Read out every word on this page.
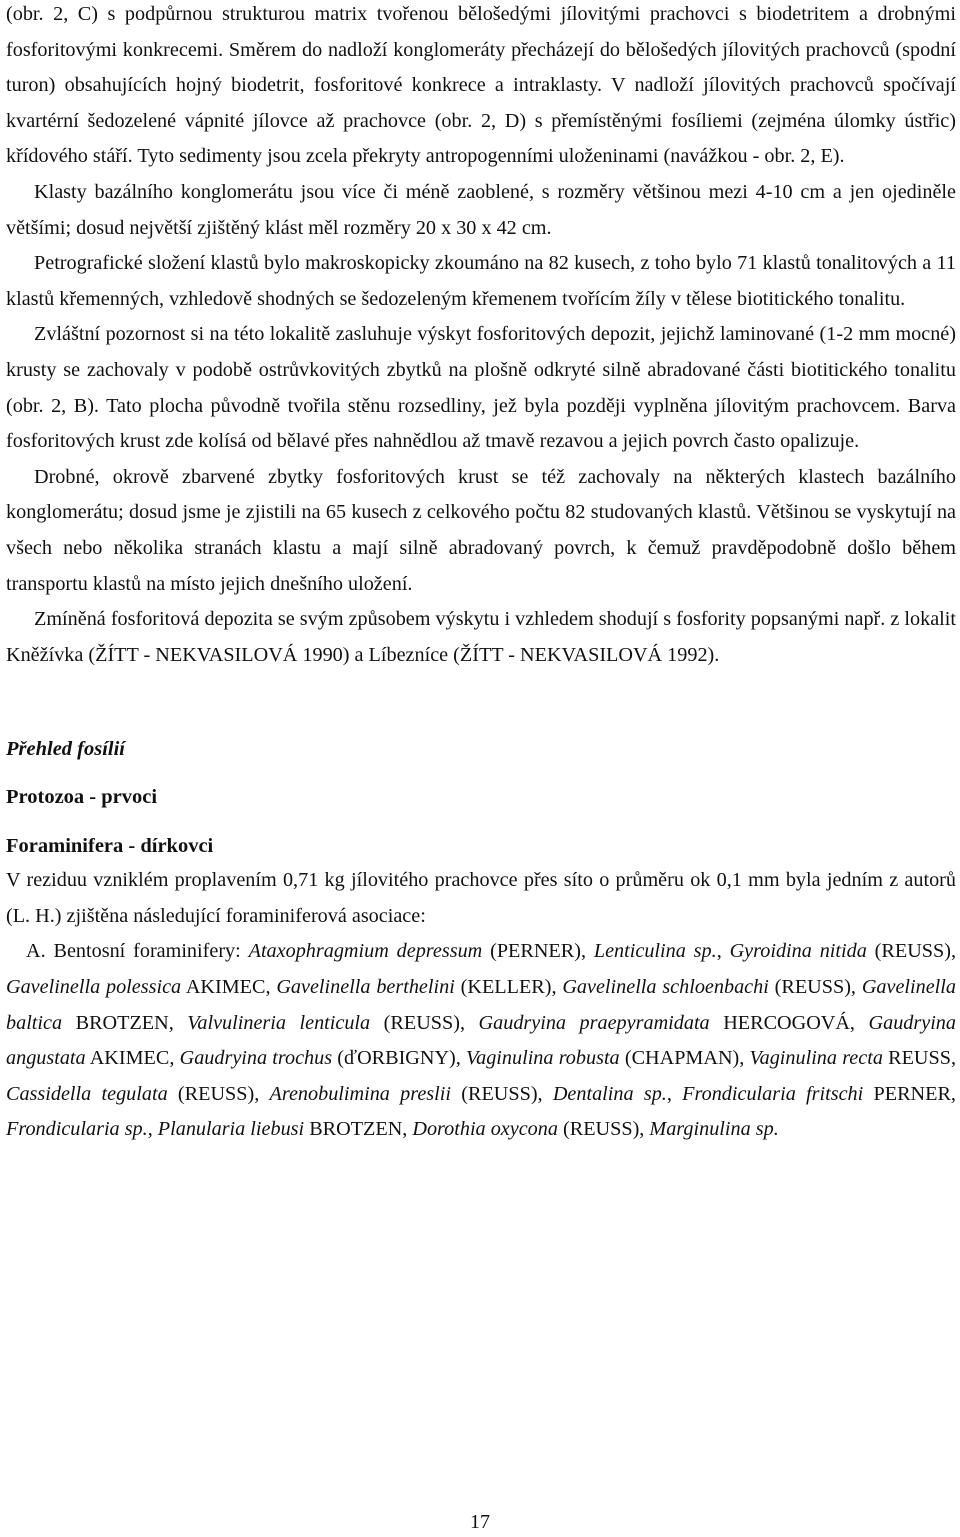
(obr. 2, C) s podpůrnou strukturou matrix tvořenou bělošedými jílovitými prachovci s biodetritem a drobnými fosforitovými konkrecemi. Směrem do nadloží konglomeráty přecházejí do bělošedých jílovitých prachovců (spodní turon) obsahujících hojný biodetrit, fosforitové konkrece a intraklasty. V nadloží jílovitých prachovců spočívají kvartérní šedozelené vápnité jílovce až prachovce (obr. 2, D) s přemístěnými fosíliemi (zejména úlomky ústřic) křídového stáří. Tyto sedimenty jsou zcela překryty antropogenními uloženinami (navážkou - obr. 2, E).

Klasty bazálního konglomerátu jsou více či méně zaoblené, s rozměry většinou mezi 4-10 cm a jen ojediněle většími; dosud největší zjištěný klást měl rozměry 20 x 30 x 42 cm.

Petrografické složení klastů bylo makroskopicky zkoumáno na 82 kusech, z toho bylo 71 klastů tonalitových a 11 klastů křemenných, vzhledově shodných se šedozeleným křemenem tvořícím žíly v tělese biotitického tonalitu.

Zvláštní pozornost si na této lokalitě zasluhuje výskyt fosforitových depozit, jejichž laminované (1-2 mm mocné) krusty se zachovaly v podobě ostrůvkovitých zbytků na plošně odkryté silně abradované části biotitického tonalitu (obr. 2, B). Tato plocha původně tvořila stěnu rozsedliny, jež byla později vyplněna jílovitým prachovcem. Barva fosforitových krust zde kolísá od bělavé přes nahnědlou až tmavě rezavou a jejich povrch často opalizuje.

Drobné, okrově zbarvené zbytky fosforitových krust se též zachovaly na některých klastech bazálního konglomerátu; dosud jsme je zjistili na 65 kusech z celkového počtu 82 studovaných klastů. Většinou se vyskytují na všech nebo několika stranách klastu a mají silně abradovaný povrch, k čemuž pravděpodobně došlo během transportu klastů na místo jejich dnešního uložení.

Zmíněná fosforitová depozita se svým způsobem výskytu i vzhledem shodují s fosfority popsanými např. z lokalit Kněžívka (ŽÍTT - NEKVASILOVÁ 1990) a Líbezníce (ŽÍTT - NEKVASILOVÁ 1992).

Přehled fosílií

Protozoa - prvoci

Foraminifera - dírkovci

V reziduu vzniklém proplavením 0,71 kg jílovitého prachovce přes síto o průměru ok 0,1 mm byla jedním z autorů (L. H.) zjištěna následující foraminiferová asociace:

A. Bentosní foraminifery: Ataxophragmium depressum (PERNER), Lenticulina sp., Gyroidina nitida (REUSS), Gavelinella polessica AKIMEC, Gavelinella berthelini (KELLER), Gavelinella schloenbachi (REUSS), Gavelinella baltica BROTZEN, Valvulineria lenticula (REUSS), Gaudryina praepyramidata HERCOGOVÁ, Gaudryina angustata AKIMEC, Gaudryina trochus (ďORBIGNY), Vaginulina robusta (CHAPMAN), Vaginulina recta REUSS, Cassidella tegulata (REUSS), Arenobulimina preslii (REUSS), Dentalina sp., Frondicularia fritschi PERNER, Frondicularia sp., Planularia liebusi BROTZEN, Dorothia oxycona (REUSS), Marginulina sp.

17
